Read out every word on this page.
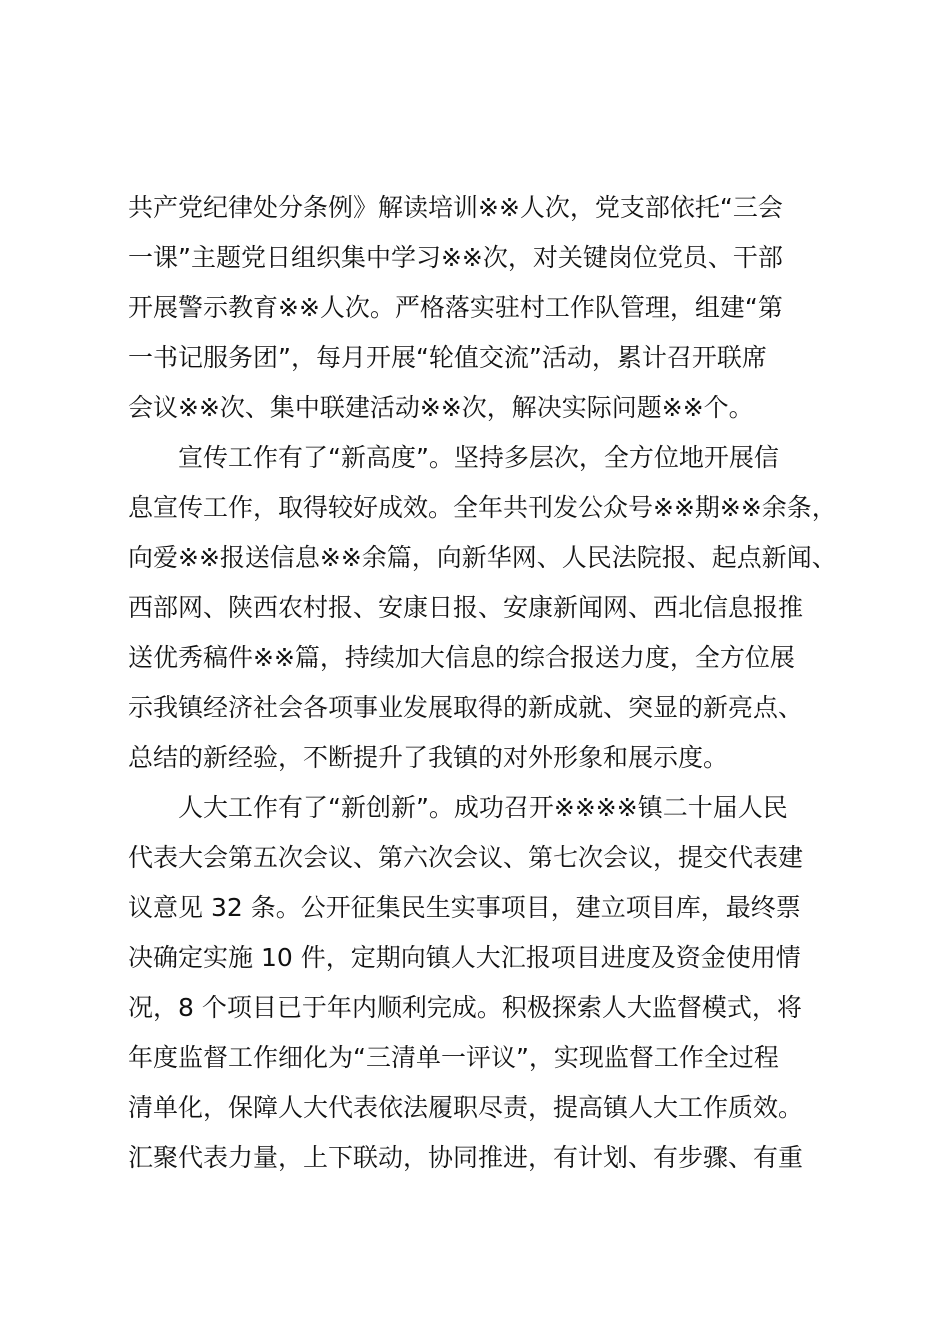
共产党纪律处分条例》解读培训※※人次，党支部依托“三会
一课”主题党日组织集中学习※※次，对关键岗位党员、干部
开展警示教育※※人次。严格落实驻村工作队管理，组建“第
一书记服务团”，每月开展“轮值交流”活动，累计召开联席
会议※※次、集中联建活动※※次，解决实际问题※※个。
　　宣传工作有了“新高度”。坚持多层次，全方位地开展信
息宣传工作，取得较好成效。全年共刊发公众号※※期※※余条，
向爱※※报送信息※※余篇，向新华网、人民法院报、起点新闻、
西部网、陕西农村报、安康日报、安康新闻网、西北信息报推
送优秀稿件※※篇，持续加大信息的综合报送力度，全方位展
示我镇经济社会各项事业发展取得的新成就、突显的新亮点、
总结的新经验，不断提升了我镇的对外形象和展示度。
　　人大工作有了“新创新”。成功召开※※※※镇二十届人民
代表大会第五次会议、第六次会议、第七次会议，提交代表建
议意见 32 条。公开征集民生实事项目，建立项目库，最终票
决确定实施 10 件，定期向镇人大汇报项目进度及资金使用情
况，8 个项目已于年内顺利完成。积极探索人大监督模式，将
年度监督工作细化为“三清单一评议”，实现监督工作全过程
清单化，保障人大代表依法履职尽责，提高镇人大工作质效。
汇聚代表力量，上下联动，协同推进，有计划、有步骤、有重
